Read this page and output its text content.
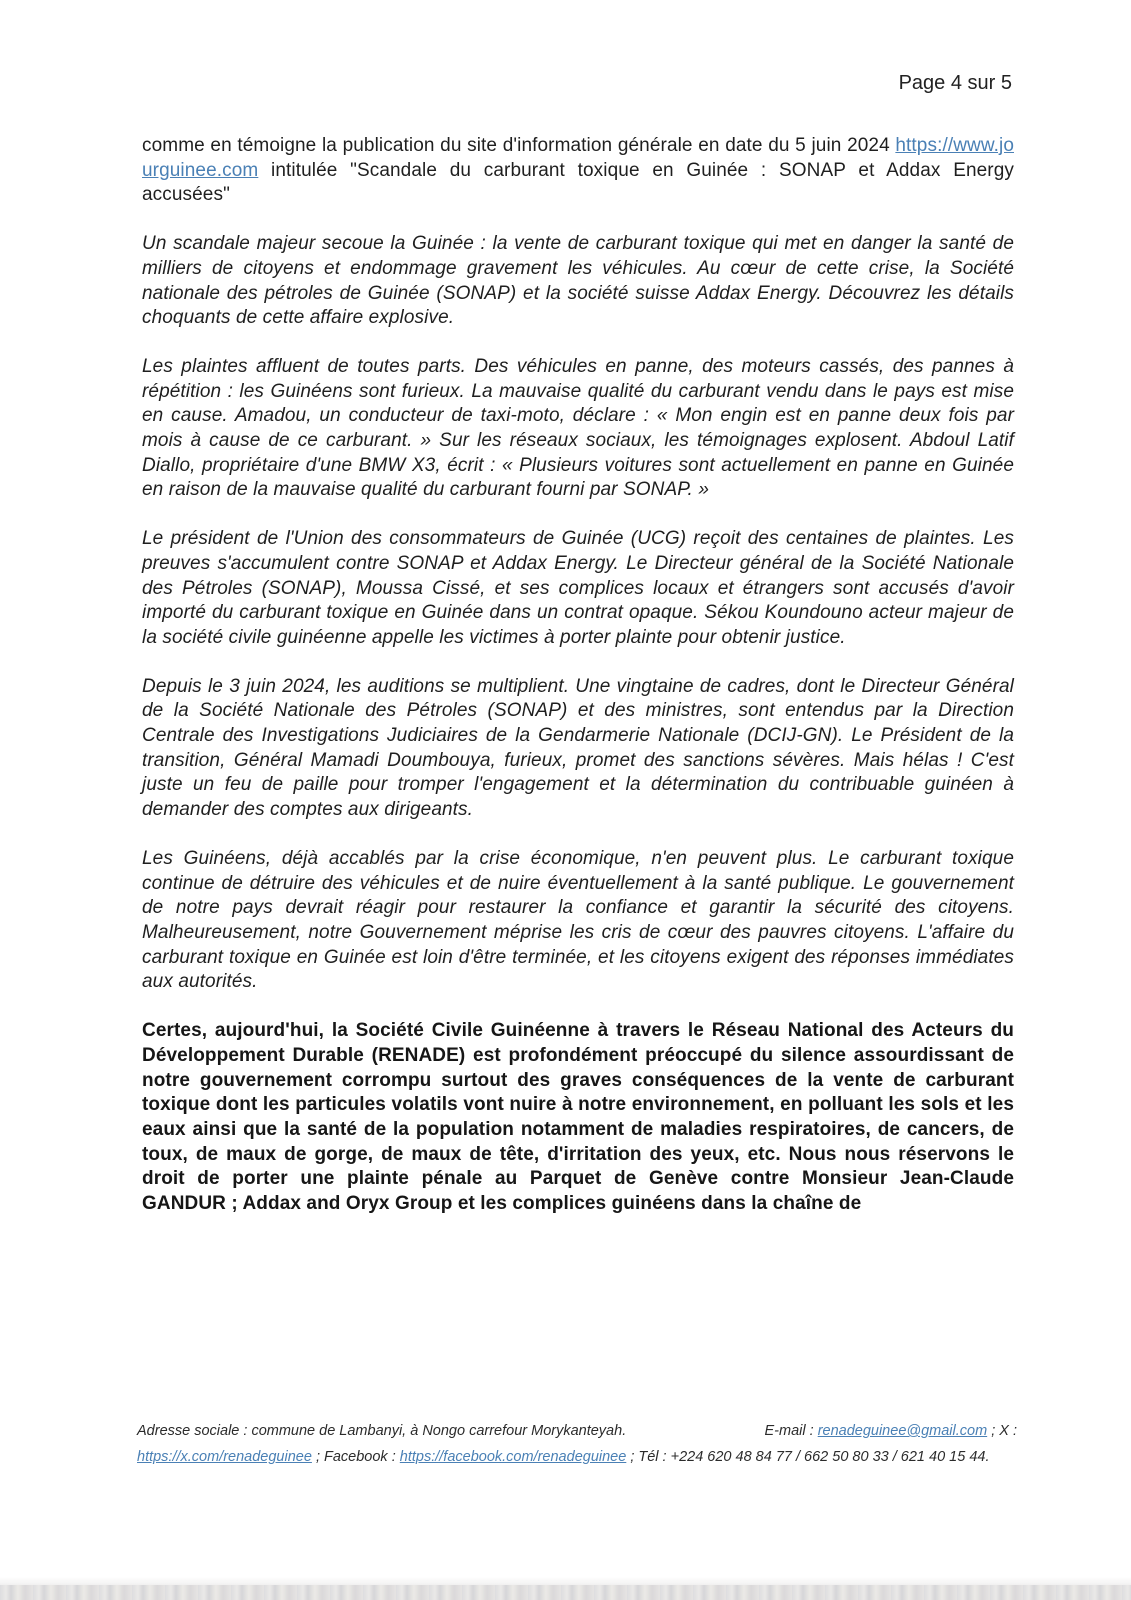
Page 4 sur 5

comme en témoigne la publication du site d'information générale en date du 5 juin 2024 https://www.jourguinee.com intitulée "Scandale du carburant toxique en Guinée : SONAP et Addax Energy accusées"

Un scandale majeur secoue la Guinée : la vente de carburant toxique qui met en danger la santé de milliers de citoyens et endommage gravement les véhicules. Au cœur de cette crise, la Société nationale des pétroles de Guinée (SONAP) et la société suisse Addax Energy. Découvrez les détails choquants de cette affaire explosive.

Les plaintes affluent de toutes parts. Des véhicules en panne, des moteurs cassés, des pannes à répétition : les Guinéens sont furieux. La mauvaise qualité du carburant vendu dans le pays est mise en cause. Amadou, un conducteur de taxi-moto, déclare : « Mon engin est en panne deux fois par mois à cause de ce carburant. » Sur les réseaux sociaux, les témoignages explosent. Abdoul Latif Diallo, propriétaire d'une BMW X3, écrit : « Plusieurs voitures sont actuellement en panne en Guinée en raison de la mauvaise qualité du carburant fourni par SONAP. »

Le président de l'Union des consommateurs de Guinée (UCG) reçoit des centaines de plaintes. Les preuves s'accumulent contre SONAP et Addax Energy. Le Directeur général de la Société Nationale des Pétroles (SONAP), Moussa Cissé, et ses complices locaux et étrangers sont accusés d'avoir importé du carburant toxique en Guinée dans un contrat opaque. Sékou Koundouno acteur majeur de la société civile guinéenne appelle les victimes à porter plainte pour obtenir justice.

Depuis le 3 juin 2024, les auditions se multiplient. Une vingtaine de cadres, dont le Directeur Général de la Société Nationale des Pétroles (SONAP) et des ministres, sont entendus par la Direction Centrale des Investigations Judiciaires de la Gendarmerie Nationale (DCIJ-GN). Le Président de la transition, Général Mamadi Doumbouya, furieux, promet des sanctions sévères. Mais hélas ! C'est juste un feu de paille pour tromper l'engagement et la détermination du contribuable guinéen à demander des comptes aux dirigeants.

Les Guinéens, déjà accablés par la crise économique, n'en peuvent plus. Le carburant toxique continue de détruire des véhicules et de nuire éventuellement à la santé publique. Le gouvernement de notre pays devrait réagir pour restaurer la confiance et garantir la sécurité des citoyens. Malheureusement, notre Gouvernement méprise les cris de cœur des pauvres citoyens. L'affaire du carburant toxique en Guinée est loin d'être terminée, et les citoyens exigent des réponses immédiates aux autorités.

Certes, aujourd'hui, la Société Civile Guinéenne à travers le Réseau National des Acteurs du Développement Durable (RENADE) est profondément préoccupé du silence assourdissant de notre gouvernement corrompu surtout des graves conséquences de la vente de carburant toxique dont les particules volatils vont nuire à notre environnement, en polluant les sols et les eaux ainsi que la santé de la population notamment de maladies respiratoires, de cancers, de toux, de maux de gorge, de maux de tête, d'irritation des yeux, etc. Nous nous réservons le droit de porter une plainte pénale au Parquet de Genève contre Monsieur Jean-Claude GANDUR ; Addax and Oryx Group et les complices guinéens dans la chaîne de

Adresse sociale : commune de Lambanyi, à Nongo carrefour Morykanteyah.	E-mail : renadeguinee@gmail.com ; X :
https://x.com/renadeguinee ; Facebook : https://facebook.com/renadeguinee ; Tél : +224 620 48 84 77 / 662 50 80 33 / 621 40 15 44.
